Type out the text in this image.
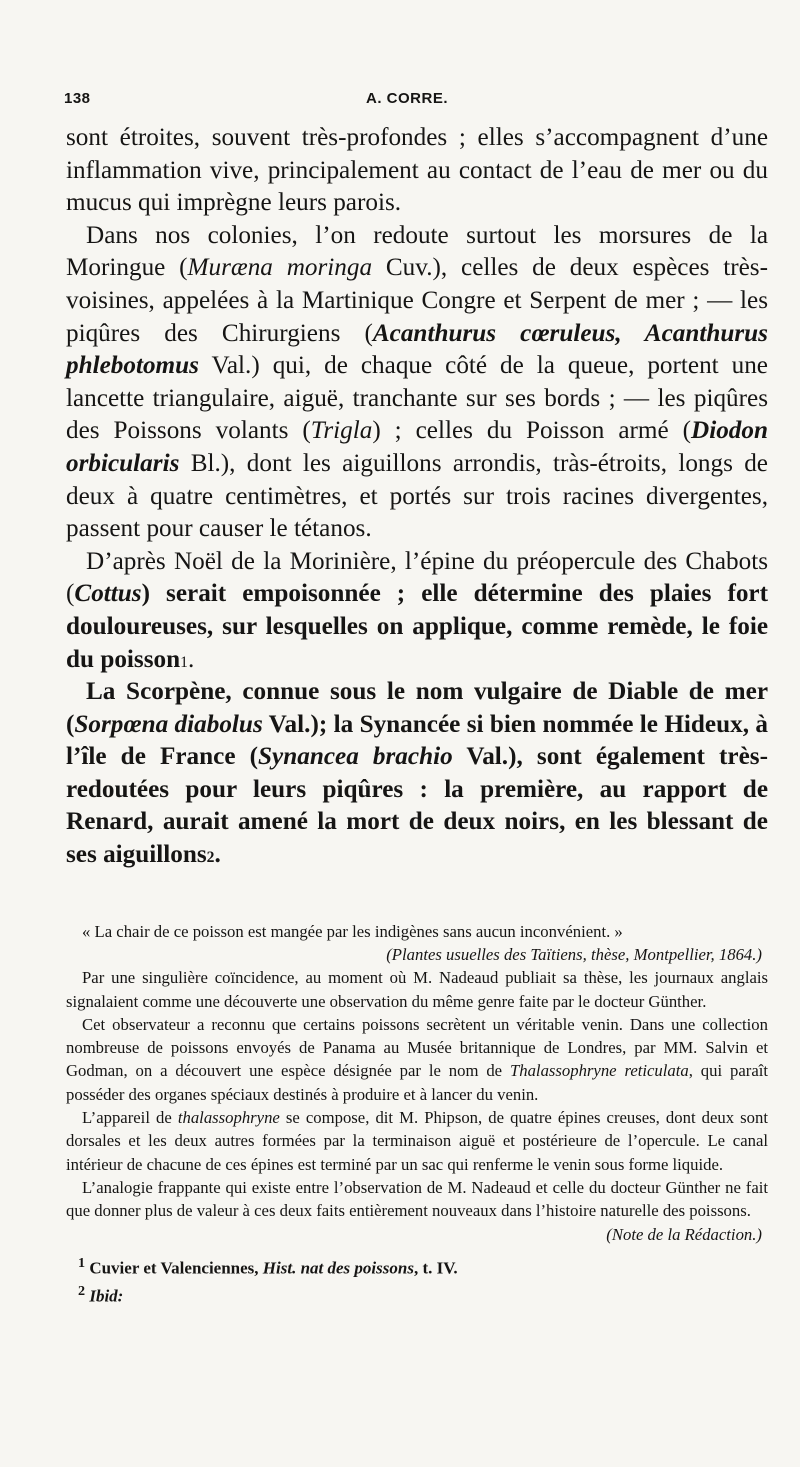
138	A. CORRE.

sont étroites, souvent très-profondes ; elles s’accompagnent d’une inflammation vive, principalement au contact de l’eau de mer ou du mucus qui imprègne leurs parois.

Dans nos colonies, l’on redoute surtout les morsures de la Moringue (Muræna moringa Cuv.), celles de deux espèces très-voisines, appelées à la Martinique Congre et Serpent de mer ; — les piqûres des Chirurgiens (Acanthurus cœruleus, Acanthurus phlebotomus Val.) qui, de chaque côté de la queue, portent une lancette triangulaire, aiguë, tranchante sur ses bords ; — les piqûres des Poissons volants (Trigla) ; celles du Poisson armé (Diodon orbicularis Bl.), dont les aiguillons arrondis, tràs-étroits, longs de deux à quatre centimètres, et portés sur trois racines divergentes, passent pour causer le tétanos.

D’après Noël de la Morinière, l’épine du préopercule des Chabots (Cottus) serait empoisonnée ; elle détermine des plaies fort douloureuses, sur lesquelles on applique, comme remède, le foie du poisson$^1$.

La Scorpène, connue sous le nom vulgaire de Diable de mer (Sorpœna diabolus Val.); la Synancée si bien nommée le Hideux, à l’île de France (Synancea brachio Val.), sont également très-redoutées pour leurs piqûres : la première, au rapport de Renard, aurait amené la mort de deux noirs, en les blessant de ses aiguillons$^2$.

« La chair de ce poisson est mangée par les indigènes sans aucun inconvénient. »

(Plantes usuelles des Taïtiens, thèse, Montpellier, 1864.)

Par une singulière coïncidence, au moment où M. Nadeaud publiait sa thèse, les journaux anglais signalaient comme une découverte une observation du même genre faite par le docteur Günther.

Cet observateur a reconnu que certains poissons secrètent un véritable venin. Dans une collection nombreuse de poissons envoyés de Panama au Musée britannique de Londres, par MM. Salvin et Godman, on a découvert une espèce désignée par le nom de Thalassophryne reticulata, qui paraît posséder des organes spéciaux destinés à produire et à lancer du venin.

L’appareil de thalassophryne se compose, dit M. Phipson, de quatre épines creuses, dont deux sont dorsales et les deux autres formées par la terminaison aiguë et postérieure de l’opercule. Le canal intérieur de chacune de ces épines est terminé par un sac qui renferme le venin sous forme liquide.

L’analogie frappante qui existe entre l’observation de M. Nadeaud et celle du docteur Günther ne fait que donner plus de valeur à ces deux faits entièrement nouveaux dans l’histoire naturelle des poissons.

(Note de la Rédaction.)

$^1$ Cuvier et Valenciennes, Hist. nat des poissons, t. IV.

$^2$ Ibid:
